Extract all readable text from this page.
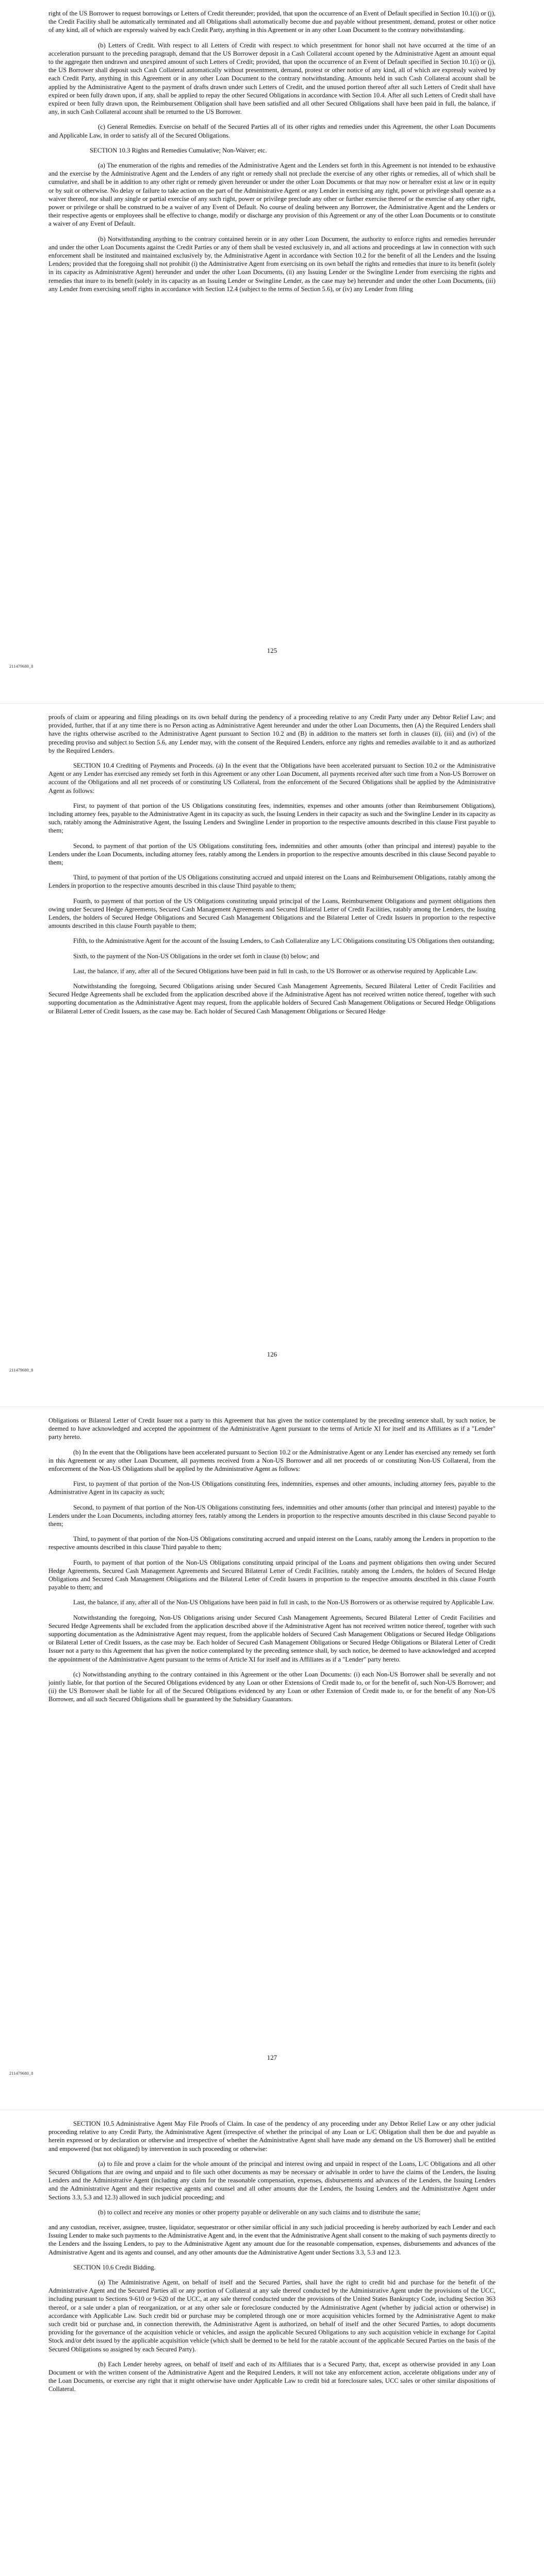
right of the US Borrower to request borrowings or Letters of Credit thereunder; provided, that upon the occurrence of an Event of Default specified in Section 10.1(i) or (j), the Credit Facility shall be automatically terminated and all Obligations shall automatically become due and payable without presentment, demand, protest or other notice of any kind, all of which are expressly waived by each Credit Party, anything in this Agreement or in any other Loan Document to the contrary notwithstanding.

(b) Letters of Credit. With respect to all Letters of Credit with respect to which presentment for honor shall not have occurred at the time of an acceleration pursuant to the preceding paragraph, demand that the US Borrower deposit in a Cash Collateral account opened by the Administrative Agent an amount equal to the aggregate then undrawn and unexpired amount of such Letters of Credit; provided, that upon the occurrence of an Event of Default specified in Section 10.1(i) or (j), the US Borrower shall deposit such Cash Collateral automatically without presentment, demand, protest or other notice of any kind, all of which are expressly waived by each Credit Party, anything in this Agreement or in any other Loan Document to the contrary notwithstanding. Amounts held in such Cash Collateral account shall be applied by the Administrative Agent to the payment of drafts drawn under such Letters of Credit, and the unused portion thereof after all such Letters of Credit shall have expired or been fully drawn upon, if any, shall be applied to repay the other Secured Obligations in accordance with Section 10.4. After all such Letters of Credit shall have expired or been fully drawn upon, the Reimbursement Obligation shall have been satisfied and all other Secured Obligations shall have been paid in full, the balance, if any, in such Cash Collateral account shall be returned to the US Borrower.

(c) General Remedies. Exercise on behalf of the Secured Parties all of its other rights and remedies under this Agreement, the other Loan Documents and Applicable Law, in order to satisfy all of the Secured Obligations.

SECTION 10.3 Rights and Remedies Cumulative; Non-Waiver; etc.

(a) The enumeration of the rights and remedies of the Administrative Agent and the Lenders set forth in this Agreement is not intended to be exhaustive and the exercise by the Administrative Agent and the Lenders of any right or remedy shall not preclude the exercise of any other rights or remedies, all of which shall be cumulative, and shall be in addition to any other right or remedy given hereunder or under the other Loan Documents or that may now or hereafter exist at law or in equity or by suit or otherwise. No delay or failure to take action on the part of the Administrative Agent or any Lender in exercising any right, power or privilege shall operate as a waiver thereof, nor shall any single or partial exercise of any such right, power or privilege preclude any other or further exercise thereof or the exercise of any other right, power or privilege or shall be construed to be a waiver of any Event of Default. No course of dealing between any Borrower, the Administrative Agent and the Lenders or their respective agents or employees shall be effective to change, modify or discharge any provision of this Agreement or any of the other Loan Documents or to constitute a waiver of any Event of Default.

(b) Notwithstanding anything to the contrary contained herein or in any other Loan Document, the authority to enforce rights and remedies hereunder and under the other Loan Documents against the Credit Parties or any of them shall be vested exclusively in, and all actions and proceedings at law in connection with such enforcement shall be instituted and maintained exclusively by, the Administrative Agent in accordance with Section 10.2 for the benefit of all the Lenders and the Issuing Lenders; provided that the foregoing shall not prohibit (i) the Administrative Agent from exercising on its own behalf the rights and remedies that inure to its benefit (solely in its capacity as Administrative Agent) hereunder and under the other Loan Documents, (ii) any Issuing Lender or the Swingline Lender from exercising the rights and remedies that inure to its benefit (solely in its capacity as an Issuing Lender or Swingline Lender, as the case may be) hereunder and under the other Loan Documents, (iii) any Lender from exercising setoff rights in accordance with Section 12.4 (subject to the terms of Section 5.6), or (iv) any Lender from filing

125
211479680_8

proofs of claim or appearing and filing pleadings on its own behalf during the pendency of a proceeding relative to any Credit Party under any Debtor Relief Law; and provided, further, that if at any time there is no Person acting as Administrative Agent hereunder and under the other Loan Documents, then (A) the Required Lenders shall have the rights otherwise ascribed to the Administrative Agent pursuant to Section 10.2 and (B) in addition to the matters set forth in clauses (ii), (iii) and (iv) of the preceding proviso and subject to Section 5.6, any Lender may, with the consent of the Required Lenders, enforce any rights and remedies available to it and as authorized by the Required Lenders.

SECTION 10.4 Crediting of Payments and Proceeds. (a) In the event that the Obligations have been accelerated pursuant to Section 10.2 or the Administrative Agent or any Lender has exercised any remedy set forth in this Agreement or any other Loan Document, all payments received after such time from a Non-US Borrower on account of the Obligations and all net proceeds of or constituting US Collateral, from the enforcement of the Secured Obligations shall be applied by the Administrative Agent as follows:

First, to payment of that portion of the US Obligations constituting fees, indemnities, expenses and other amounts (other than Reimbursement Obligations), including attorney fees, payable to the Administrative Agent in its capacity as such, the Issuing Lenders in their capacity as such and the Swingline Lender in its capacity as such, ratably among the Administrative Agent, the Issuing Lenders and Swingline Lender in proportion to the respective amounts described in this clause First payable to them;

Second, to payment of that portion of the US Obligations constituting fees, indemnities and other amounts (other than principal and interest) payable to the Lenders under the Loan Documents, including attorney fees, ratably among the Lenders in proportion to the respective amounts described in this clause Second payable to them;

Third, to payment of that portion of the US Obligations constituting accrued and unpaid interest on the Loans and Reimbursement Obligations, ratably among the Lenders in proportion to the respective amounts described in this clause Third payable to them;

Fourth, to payment of that portion of the US Obligations constituting unpaid principal of the Loans, Reimbursement Obligations and payment obligations then owing under Secured Hedge Agreements, Secured Cash Management Agreements and Secured Bilateral Letter of Credit Facilities, ratably among the Lenders, the Issuing Lenders, the holders of Secured Hedge Obligations and Secured Cash Management Obligations and the Bilateral Letter of Credit Issuers in proportion to the respective amounts described in this clause Fourth payable to them;

Fifth, to the Administrative Agent for the account of the Issuing Lenders, to Cash Collateralize any L/C Obligations constituting US Obligations then outstanding;

Sixth, to the payment of the Non-US Obligations in the order set forth in clause (b) below; and

Last, the balance, if any, after all of the Secured Obligations have been paid in full in cash, to the US Borrower or as otherwise required by Applicable Law.

Notwithstanding the foregoing, Secured Obligations arising under Secured Cash Management Agreements, Secured Bilateral Letter of Credit Facilities and Secured Hedge Agreements shall be excluded from the application described above if the Administrative Agent has not received written notice thereof, together with such supporting documentation as the Administrative Agent may request, from the applicable holders of Secured Cash Management Obligations or Secured Hedge Obligations or Bilateral Letter of Credit Issuers, as the case may be. Each holder of Secured Cash Management Obligations or Secured Hedge

126
211479680_8

Obligations or Bilateral Letter of Credit Issuer not a party to this Agreement that has given the notice contemplated by the preceding sentence shall, by such notice, be deemed to have acknowledged and accepted the appointment of the Administrative Agent pursuant to the terms of Article XI for itself and its Affiliates as if a "Lender" party hereto.

(b) In the event that the Obligations have been accelerated pursuant to Section 10.2 or the Administrative Agent or any Lender has exercised any remedy set forth in this Agreement or any other Loan Document, all payments received from a Non-US Borrower and all net proceeds of or constituting Non-US Collateral, from the enforcement of the Non-US Obligations shall be applied by the Administrative Agent as follows:

First, to payment of that portion of the Non-US Obligations constituting fees, indemnities, expenses and other amounts, including attorney fees, payable to the Administrative Agent in its capacity as such;

Second, to payment of that portion of the Non-US Obligations constituting fees, indemnities and other amounts (other than principal and interest) payable to the Lenders under the Loan Documents, including attorney fees, ratably among the Lenders in proportion to the respective amounts described in this clause Second payable to them;

Third, to payment of that portion of the Non-US Obligations constituting accrued and unpaid interest on the Loans, ratably among the Lenders in proportion to the respective amounts described in this clause Third payable to them;

Fourth, to payment of that portion of the Non-US Obligations constituting unpaid principal of the Loans and payment obligations then owing under Secured Hedge Agreements, Secured Cash Management Agreements and Secured Bilateral Letter of Credit Facilities, ratably among the Lenders, the holders of Secured Hedge Obligations and Secured Cash Management Obligations and the Bilateral Letter of Credit Issuers in proportion to the respective amounts described in this clause Fourth payable to them; and

Last, the balance, if any, after all of the Non-US Obligations have been paid in full in cash, to the Non-US Borrowers or as otherwise required by Applicable Law.

Notwithstanding the foregoing, Non-US Obligations arising under Secured Cash Management Agreements, Secured Bilateral Letter of Credit Facilities and Secured Hedge Agreements shall be excluded from the application described above if the Administrative Agent has not received written notice thereof, together with such supporting documentation as the Administrative Agent may request, from the applicable holders of Secured Cash Management Obligations or Secured Hedge Obligations or Bilateral Letter of Credit Issuers, as the case may be. Each holder of Secured Cash Management Obligations or Secured Hedge Obligations or Bilateral Letter of Credit Issuer not a party to this Agreement that has given the notice contemplated by the preceding sentence shall, by such notice, be deemed to have acknowledged and accepted the appointment of the Administrative Agent pursuant to the terms of Article XI for itself and its Affiliates as if a "Lender" party hereto.

(c) Notwithstanding anything to the contrary contained in this Agreement or the other Loan Documents: (i) each Non-US Borrower shall be severally and not jointly liable, for that portion of the Secured Obligations evidenced by any Loan or other Extensions of Credit made to, or for the benefit of, such Non-US Borrower; and (ii) the US Borrower shall be liable for all of the Secured Obligations evidenced by any Loan or other Extension of Credit made to, or for the benefit of any Non-US Borrower, and all such Secured Obligations shall be guaranteed by the Subsidiary Guarantors.

127
211479680_8

SECTION 10.5 Administrative Agent May File Proofs of Claim. In case of the pendency of any proceeding under any Debtor Relief Law or any other judicial proceeding relative to any Credit Party, the Administrative Agent (irrespective of whether the principal of any Loan or L/C Obligation shall then be due and payable as herein expressed or by declaration or otherwise and irrespective of whether the Administrative Agent shall have made any demand on the US Borrower) shall be entitled and empowered (but not obligated) by intervention in such proceeding or otherwise:

(a) to file and prove a claim for the whole amount of the principal and interest owing and unpaid in respect of the Loans, L/C Obligations and all other Secured Obligations that are owing and unpaid and to file such other documents as may be necessary or advisable in order to have the claims of the Lenders, the Issuing Lenders and the Administrative Agent (including any claim for the reasonable compensation, expenses, disbursements and advances of the Lenders, the Issuing Lenders and the Administrative Agent and their respective agents and counsel and all other amounts due the Lenders, the Issuing Lenders and the Administrative Agent under Sections 3.3, 5.3 and 12.3) allowed in such judicial proceeding; and

(b) to collect and receive any monies or other property payable or deliverable on any such claims and to distribute the same;

and any custodian, receiver, assignee, trustee, liquidator, sequestrator or other similar official in any such judicial proceeding is hereby authorized by each Lender and each Issuing Lender to make such payments to the Administrative Agent and, in the event that the Administrative Agent shall consent to the making of such payments directly to the Lenders and the Issuing Lenders, to pay to the Administrative Agent any amount due for the reasonable compensation, expenses, disbursements and advances of the Administrative Agent and its agents and counsel, and any other amounts due the Administrative Agent under Sections 3.3, 5.3 and 12.3.

SECTION 10.6 Credit Bidding.

(a) The Administrative Agent, on behalf of itself and the Secured Parties, shall have the right to credit bid and purchase for the benefit of the Administrative Agent and the Secured Parties all or any portion of Collateral at any sale thereof conducted by the Administrative Agent under the provisions of the UCC, including pursuant to Sections 9-610 or 9-620 of the UCC, at any sale thereof conducted under the provisions of the United States Bankruptcy Code, including Section 363 thereof, or a sale under a plan of reorganization, or at any other sale or foreclosure conducted by the Administrative Agent (whether by judicial action or otherwise) in accordance with Applicable Law. Such credit bid or purchase may be completed through one or more acquisition vehicles formed by the Administrative Agent to make such credit bid or purchase and, in connection therewith, the Administrative Agent is authorized, on behalf of itself and the other Secured Parties, to adopt documents providing for the governance of the acquisition vehicle or vehicles, and assign the applicable Secured Obligations to any such acquisition vehicle in exchange for Capital Stock and/or debt issued by the applicable acquisition vehicle (which shall be deemed to be held for the ratable account of the applicable Secured Parties on the basis of the Secured Obligations so assigned by each Secured Party).

(b) Each Lender hereby agrees, on behalf of itself and each of its Affiliates that is a Secured Party, that, except as otherwise provided in any Loan Document or with the written consent of the Administrative Agent and the Required Lenders, it will not take any enforcement action, accelerate obligations under any of the Loan Documents, or exercise any right that it might otherwise have under Applicable Law to credit bid at foreclosure sales, UCC sales or other similar dispositions of Collateral.
